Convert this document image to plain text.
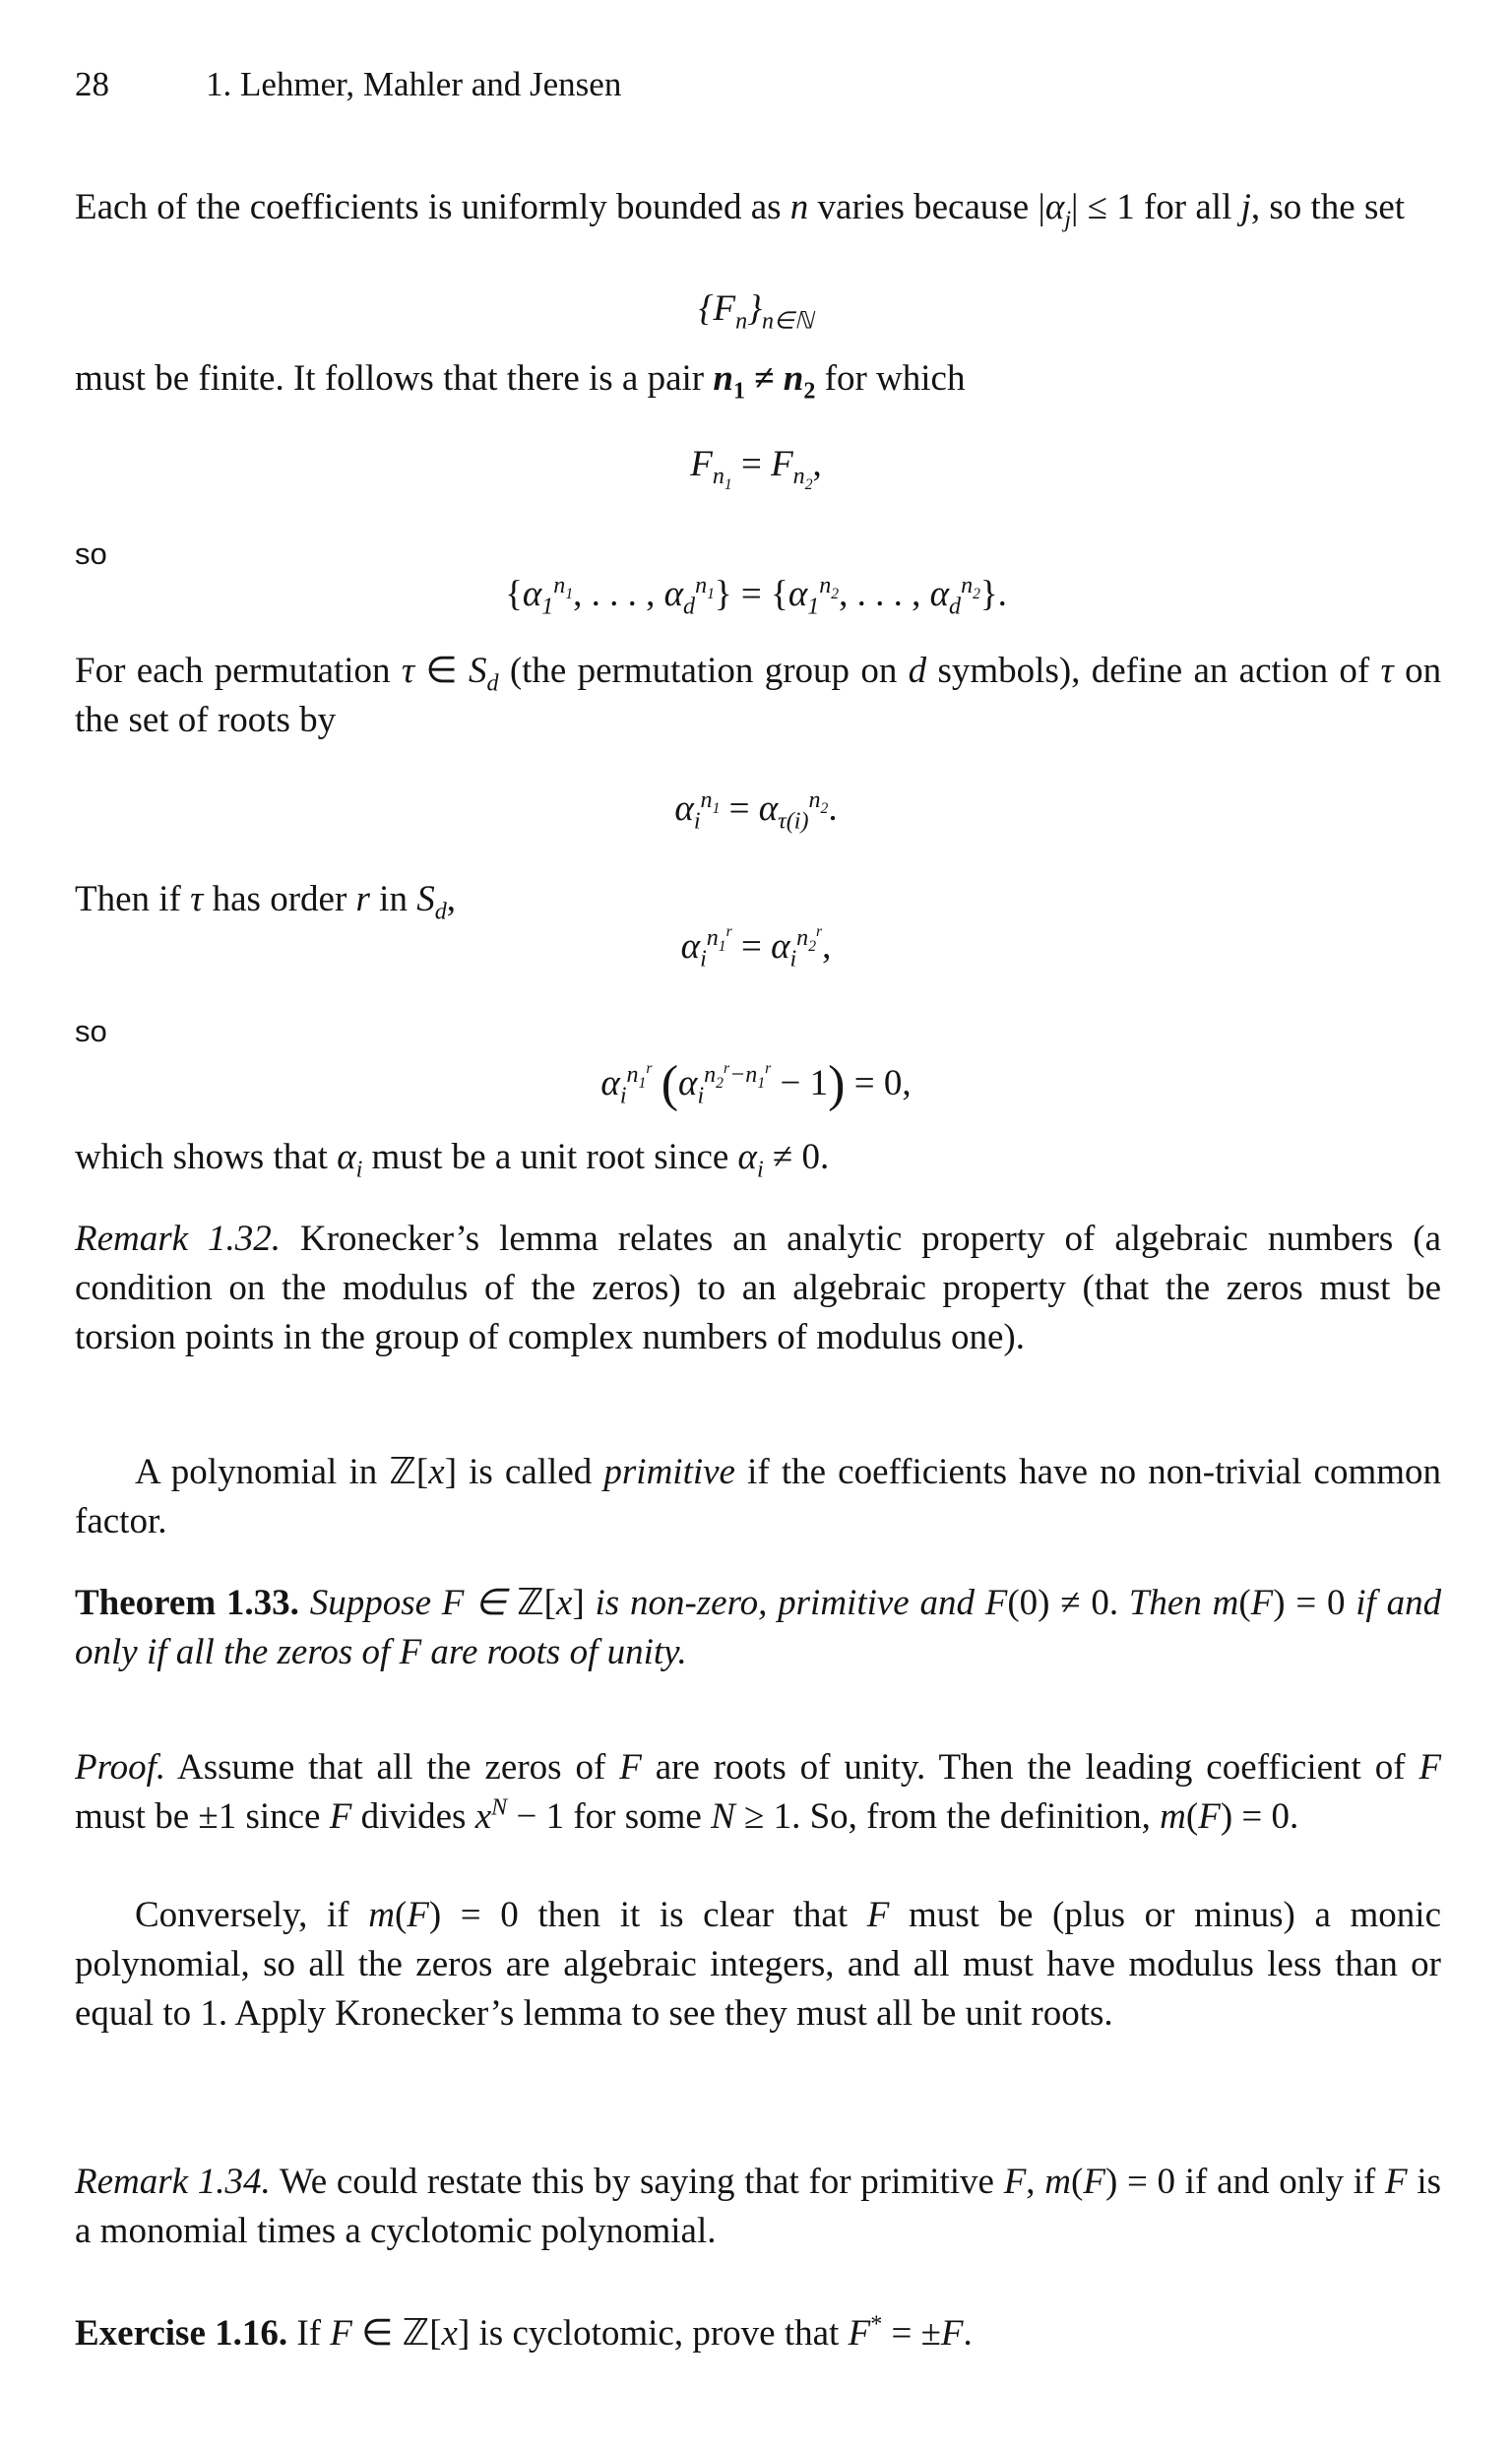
28	1. Lehmer, Mahler and Jensen
Each of the coefficients is uniformly bounded as n varies because $|\alpha_j| \le 1$ for all j, so the set
$\{F_n\}_{n\in ℕ}$
must be finite. It follows that there is a pair $n_1 \ne n_2$ for which
$F_{n_1} = F_{n_2}$,
so
{$\alpha_1^{n_1}$, . . . , $\alpha_d^{n_1}\} = \{\alpha_1^{n_2}$, . . . , $\alpha_d^{n_2}$}.
For each permutation τ ∈ $S_d$ (the permutation group on d symbols), define an action of τ on the set of roots by
$\alpha_i^{n_1} = \alpha_{\tau(i)}^{n_2}$.
Then if τ has order r in $S_d$,
$\alpha_i^{n_1^r} = \alpha_i^{n_2^r}$,
so
$\alpha_i^{n_1^r}$ $(\alpha_i^{n_2^r-n_1^r} - 1) = 0$,
which shows that $\alpha_i$ must be a unit root since $\alpha_i \ne 0$.
Remark 1.32. Kronecker’s lemma relates an analytic property of algebraic numbers (a condition on the modulus of the zeros) to an algebraic property (that the zeros must be torsion points in the group of complex numbers of modulus one).
A polynomial in ℤ[x] is called primitive if the coefficients have no non-trivial common factor.
Theorem 1.33. Suppose F ∈ ℤ[x] is non-zero, primitive and F(0) ≠ 0. Then m(F) = 0 if and only if all the zeros of F are roots of unity.
Proof. Assume that all the zeros of F are roots of unity. Then the leading coefficient of F must be ±1 since F divides $x^N - 1$ for some N ≥ 1. So, from the definition, m(F) = 0.
Conversely, if m(F) = 0 then it is clear that F must be (plus or minus) a monic polynomial, so all the zeros are algebraic integers, and all must have modulus less than or equal to 1. Apply Kronecker’s lemma to see they must all be unit roots.
Remark 1.34. We could restate this by saying that for primitive F, m(F) = 0 if and only if F is a monomial times a cyclotomic polynomial.
Exercise 1.16. If F ∈ ℤ[x] is cyclotomic, prove that F* = ±F.
